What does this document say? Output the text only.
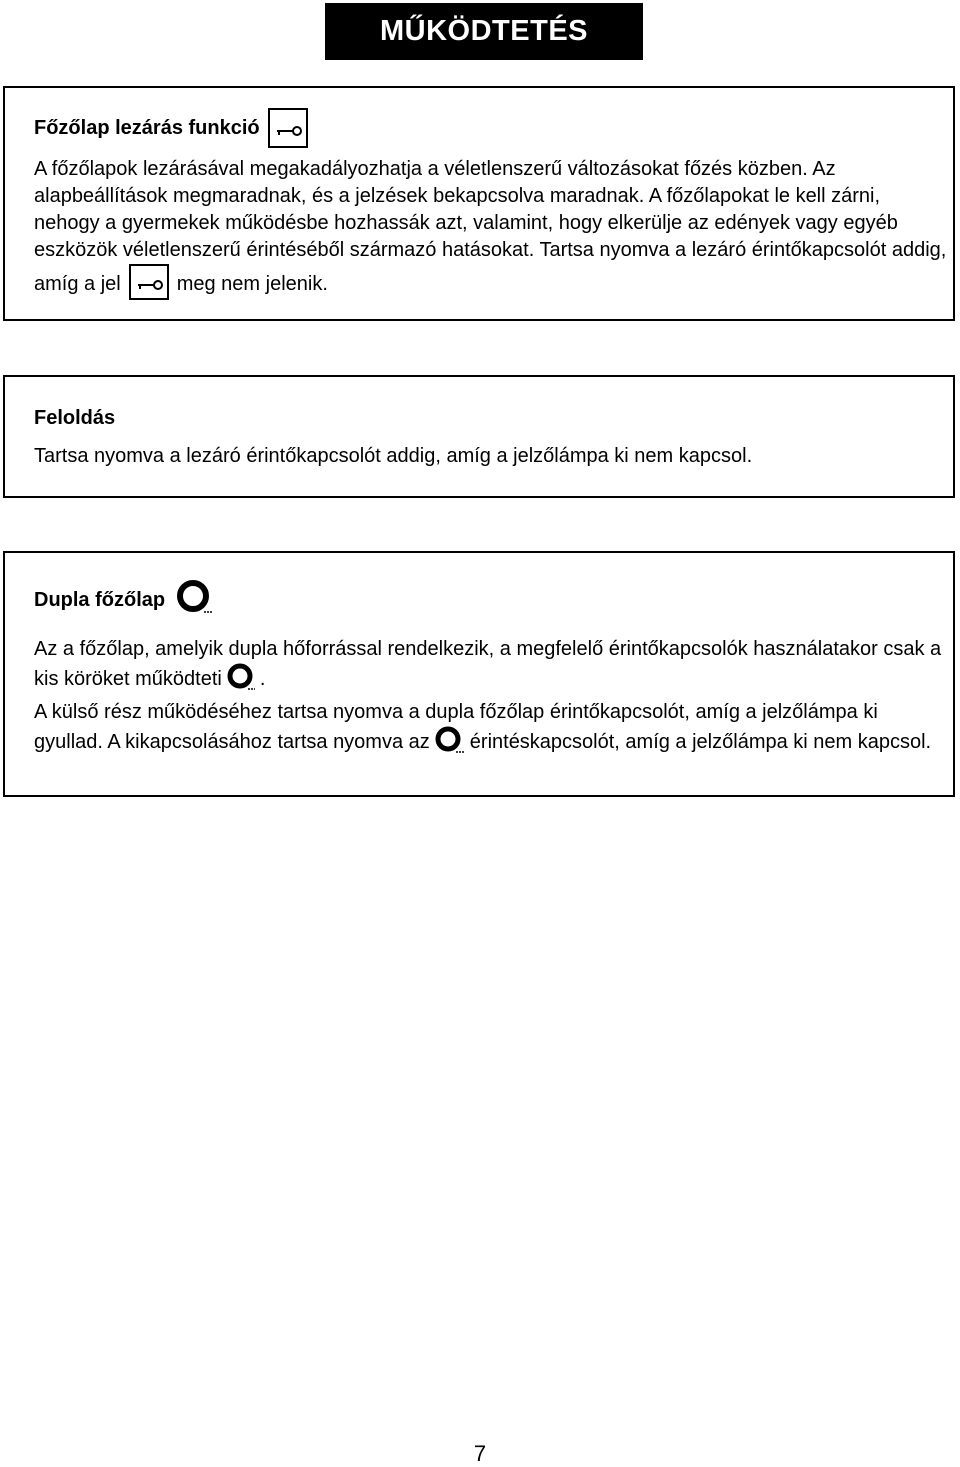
MŰKÖDTETÉS
Főzőlap lezárás funkció

A főzőlapok lezárásával megakadályozhatja a véletlenszerű változásokat főzés közben. Az alapbeállítások megmaradnak, és a jelzések bekapcsolva maradnak. A főzőlapokat le kell zárni, nehogy a gyermekek működésbe hozhassák azt, valamint, hogy elkerülje az edények vagy egyéb eszközök véletlenszerű érintéséből származó hatásokat. Tartsa nyomva a lezáró érintőkapcsolót addig, amíg a jel	meg nem jelenik.

Feloldás

Tartsa nyomva a lezáró érintőkapcsolót addig, amíg a jelzőlámpa ki nem kapcsol.

Dupla főzőlap

Az a főzőlap, amelyik dupla hőforrással rendelkezik, a megfelelő érintőkapcsolók használatakor csak a kis köröket működteti .
A külső rész működéséhez tartsa nyomva a dupla főzőlap érintőkapcsolót, amíg a jelzőlámpa ki gyullad. A kikapcsolásához tartsa nyomva az érintéskapcsolót, amíg a jelzőlámpa ki nem kapcsol.

7
